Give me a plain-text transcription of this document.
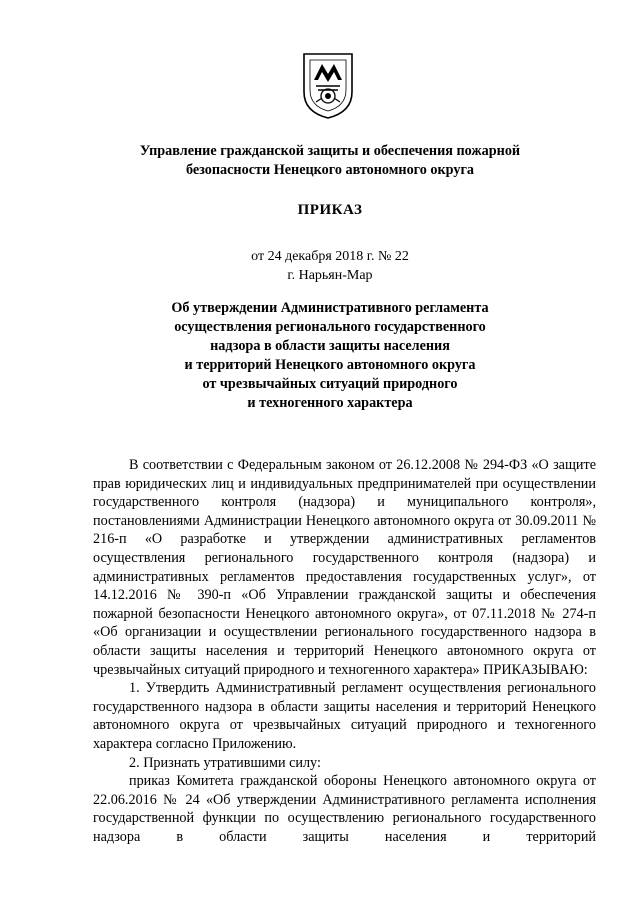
Управление гражданской защиты и обеспечения пожарной
безопасности Ненецкого автономного округа
ПРИКАЗ
от 24 декабря 2018 г. № 22
г. Нарьян-Мар
Об утверждении Административного регламента
осуществления регионального государственного
надзора в области защиты населения
и территорий Ненецкого автономного округа
от чрезвычайных ситуаций природного
и техногенного характера

В соответствии с Федеральным законом от 26.12.2008 № 294-ФЗ «О защите прав юридических лиц и индивидуальных предпринимателей при осуществлении государственного контроля (надзора) и муниципального контроля», постановлениями Администрации Ненецкого автономного округа от 30.09.2011 № 216-п «О разработке и утверждении административных регламентов осуществления регионального государственного контроля (надзора) и административных регламентов предоставления государственных услуг», от 14.12.2016 № 390-п «Об Управлении гражданской защиты и обеспечения пожарной безопасности Ненецкого автономного округа», от 07.11.2018 № 274-п «Об организации и осуществлении регионального государственного надзора в области защиты населения и территорий Ненецкого автономного округа от чрезвычайных ситуаций природного и техногенного характера» ПРИКАЗЫВАЮ:

1. Утвердить Административный регламент осуществления регионального государственного надзора в области защиты населения и территорий Ненецкого автономного округа от чрезвычайных ситуаций природного и техногенного характера согласно Приложению.

2. Признать утратившими силу:

приказ Комитета гражданской обороны Ненецкого автономного округа от 22.06.2016 № 24 «Об утверждении Административного регламента исполнения государственной функции по осуществлению регионального государственного надзора в области защиты населения и территорий
